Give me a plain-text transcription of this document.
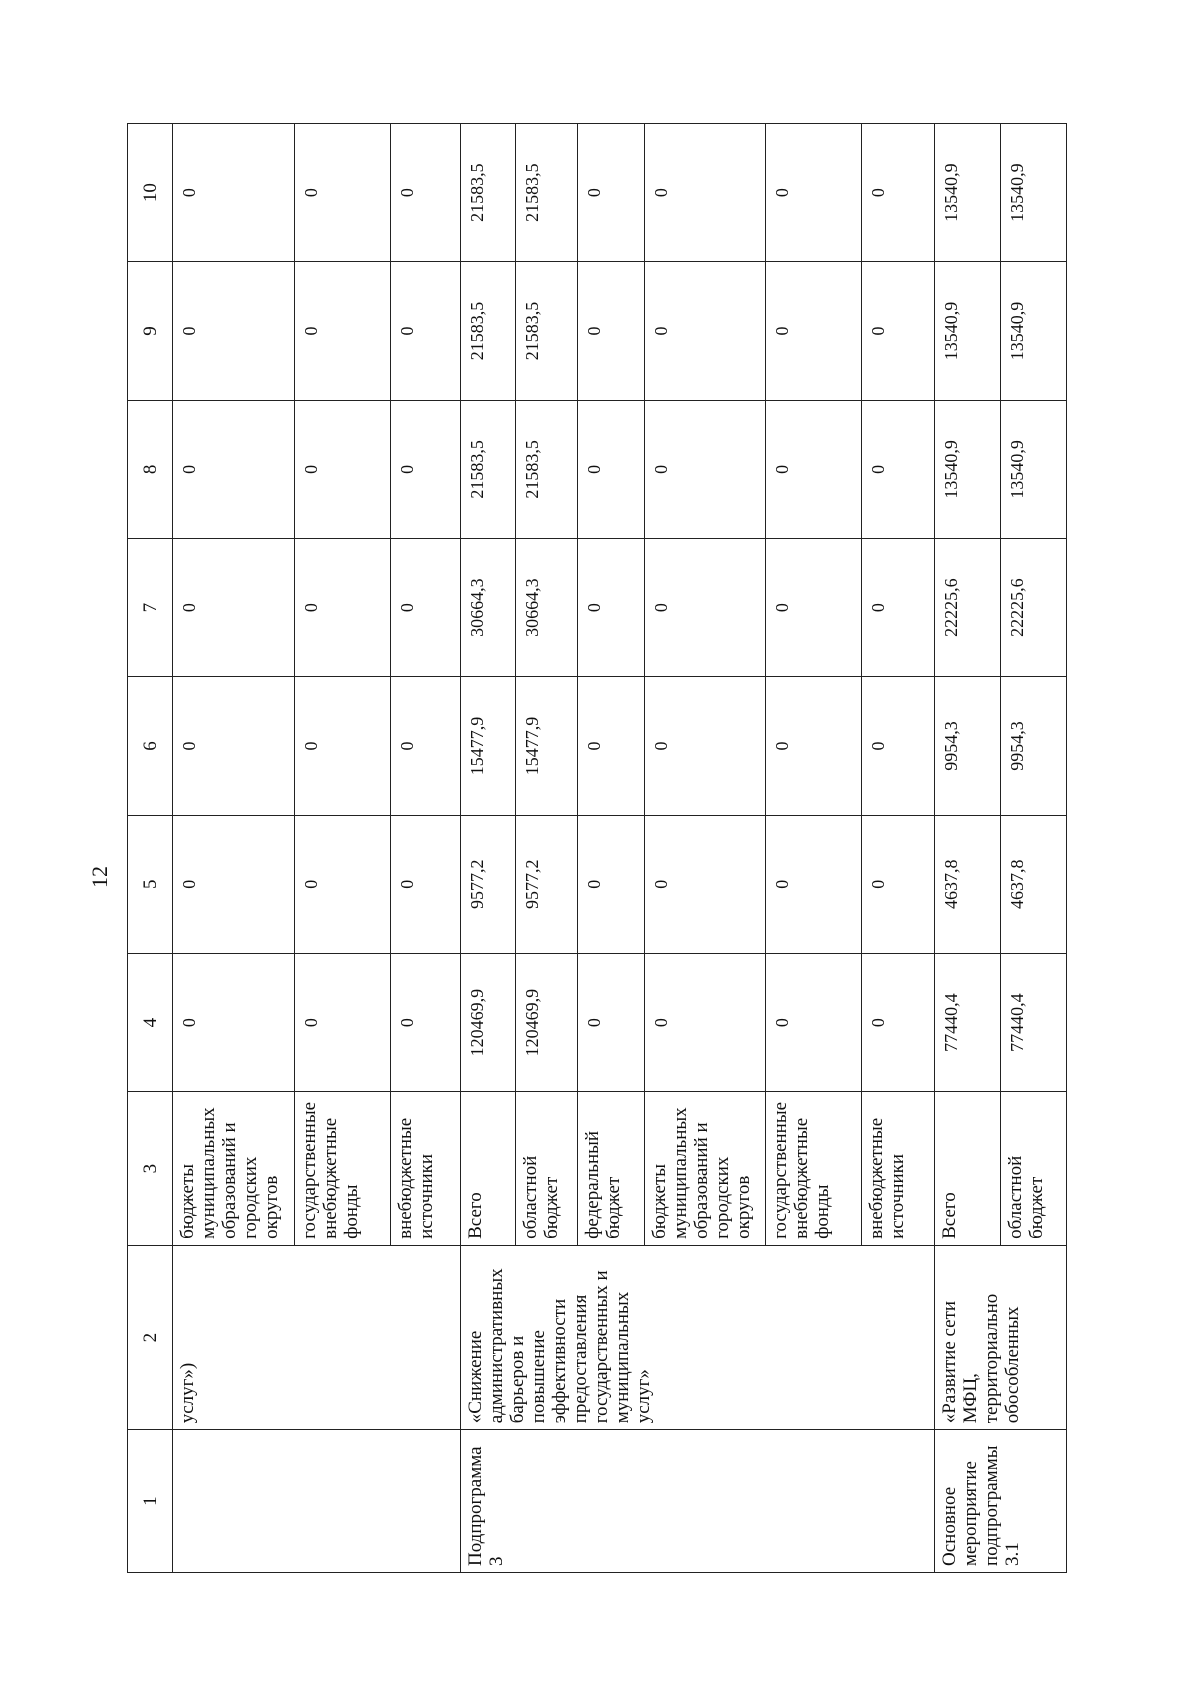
12
1	2	3	4	5	6	7	8	9	10
	услуг»)	бюджеты муниципальных образований и городских округов	0	0	0	0	0	0	0
		государственные внебюджетные фонды	0	0	0	0	0	0	0
		внебюджетные источники	0	0	0	0	0	0	0
Подпрограмма 3	«Снижение административных барьеров и повышение эффективности предоставления государственных и муниципальных услуг»	Всего	120469,9	9577,2	15477,9	30664,3	21583,5	21583,5	21583,5
		областной бюджет	120469,9	9577,2	15477,9	30664,3	21583,5	21583,5	21583,5
		федеральный бюджет	0	0	0	0	0	0	0
		бюджеты муниципальных образований и городских округов	0	0	0	0	0	0	0
		государственные внебюджетные фонды	0	0	0	0	0	0	0
		внебюджетные источники	0	0	0	0	0	0	0
Основное мероприятие подпрограммы 3.1	«Развитие сети МФЦ, территориально обособленных	Всего	77440,4	4637,8	9954,3	22225,6	13540,9	13540,9	13540,9
		областной бюджет	77440,4	4637,8	9954,3	22225,6	13540,9	13540,9	13540,9
